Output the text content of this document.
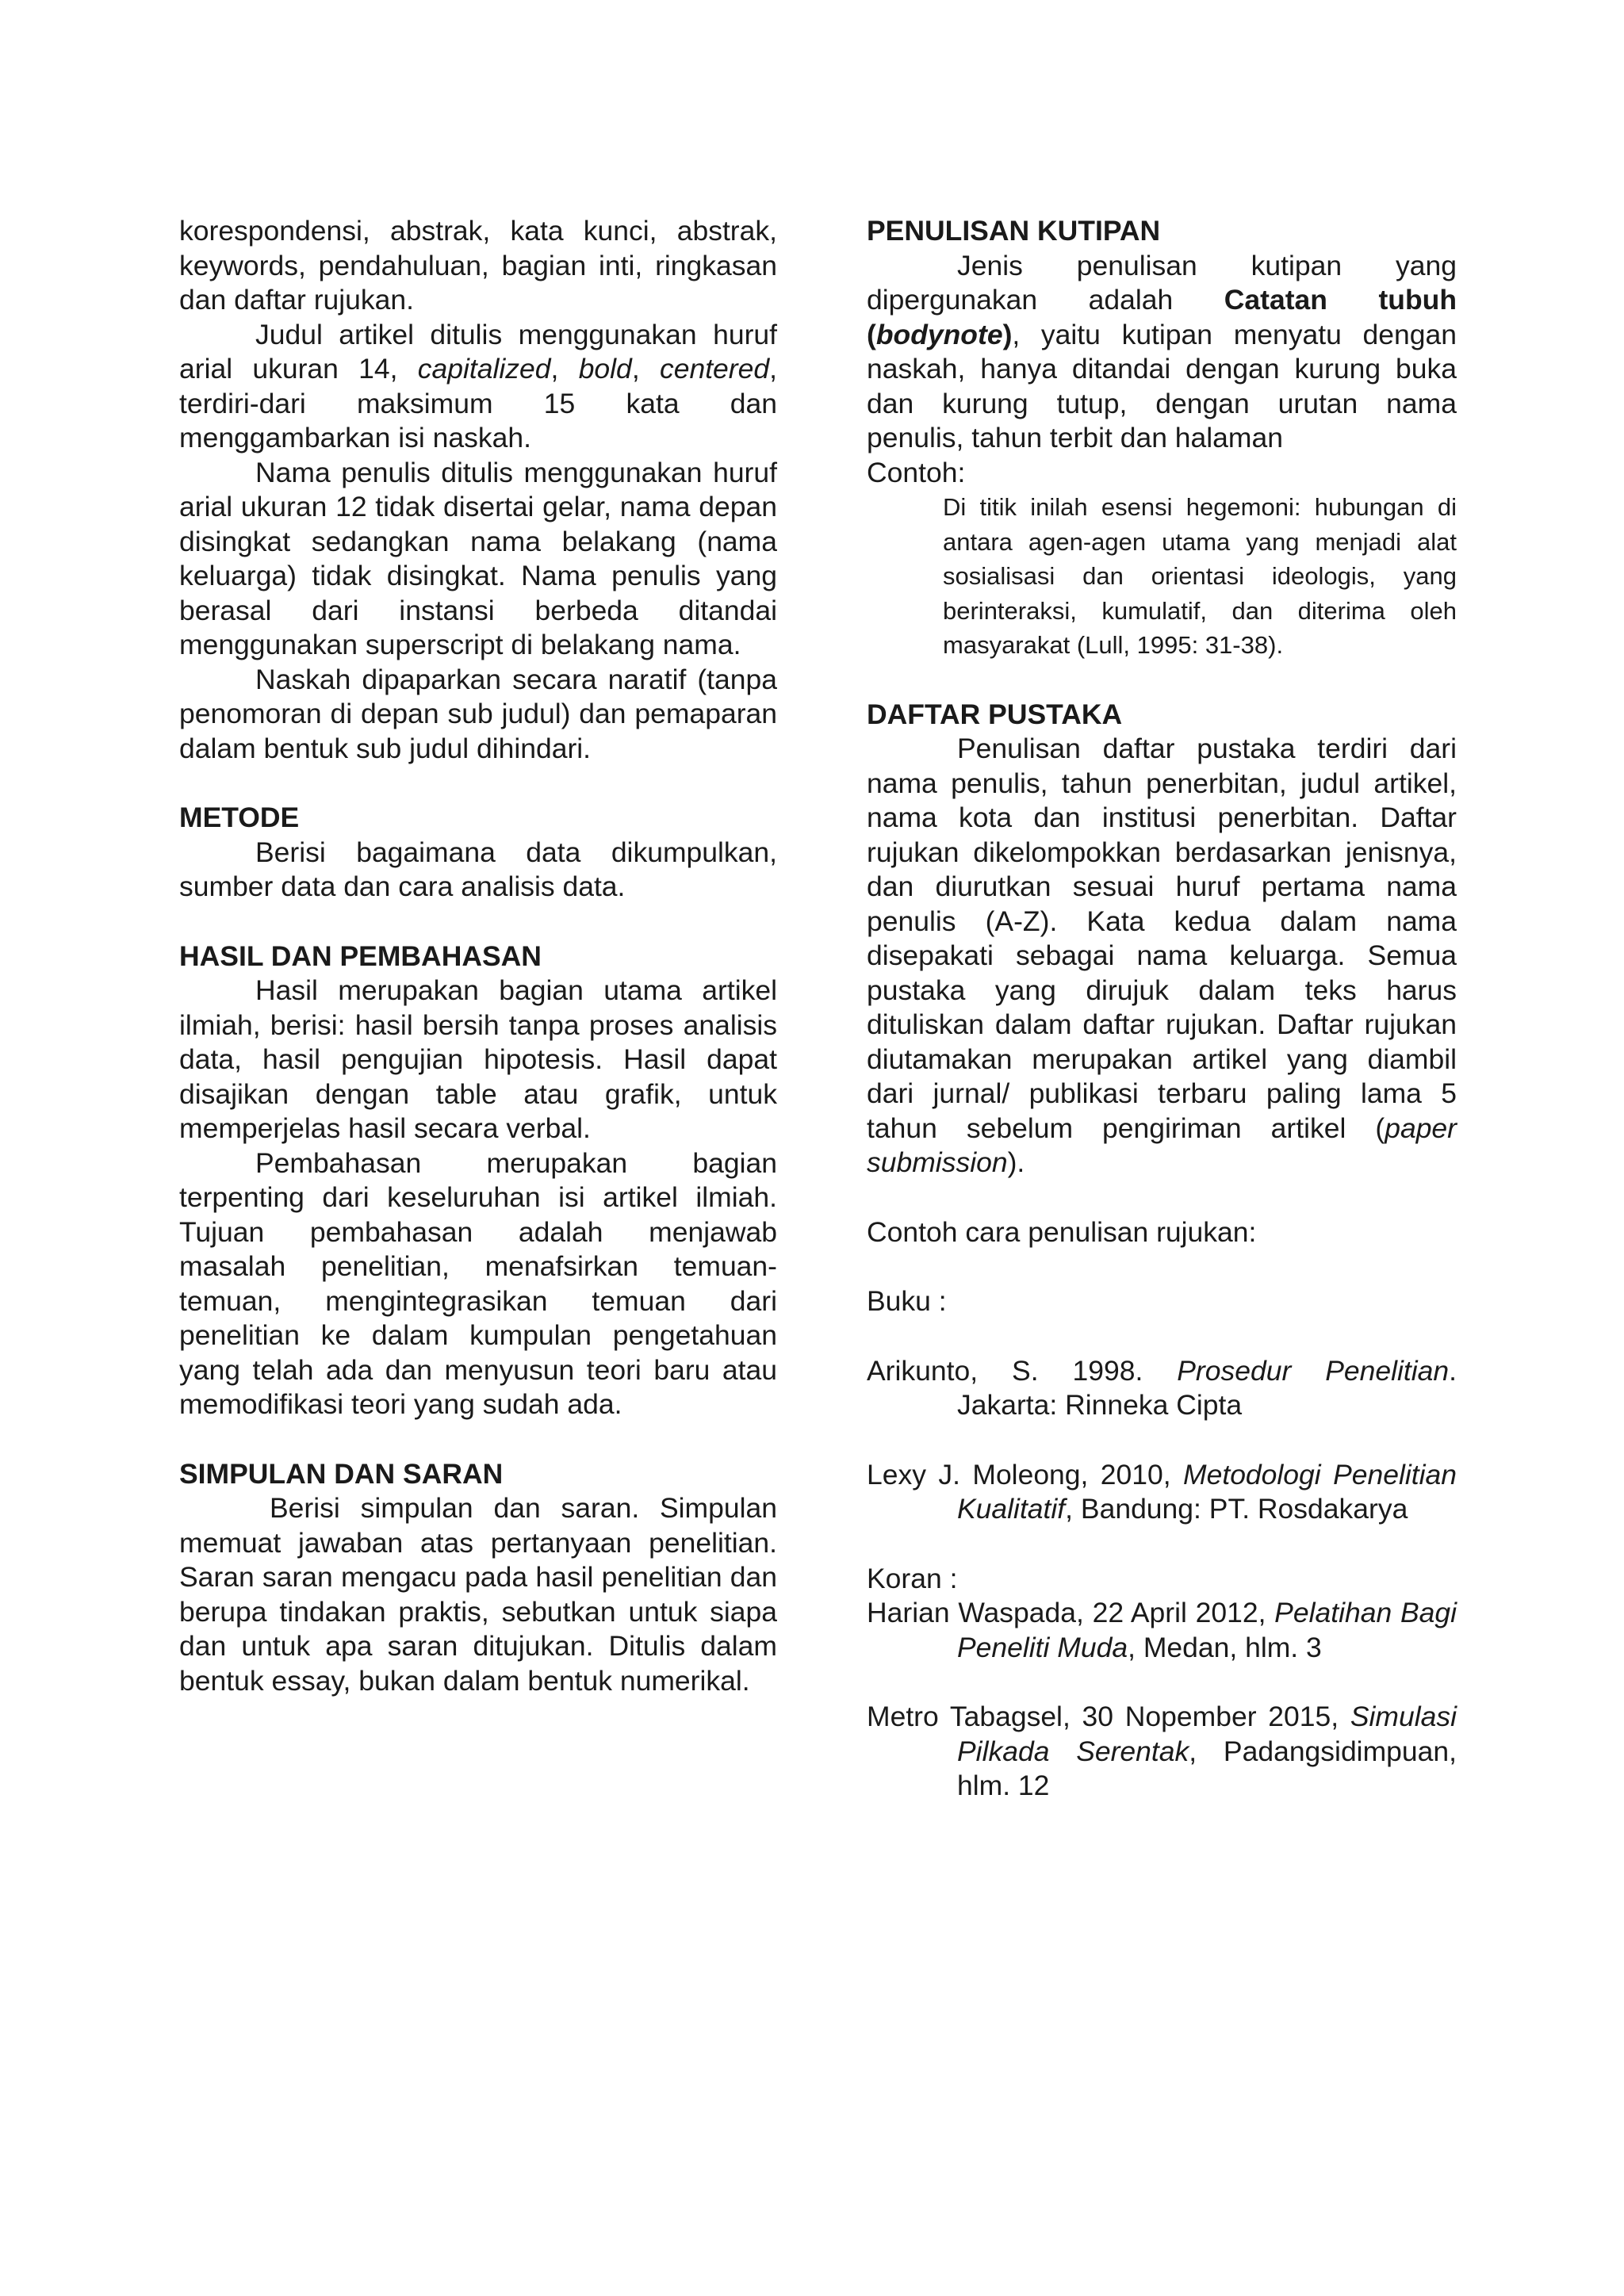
korespondensi, abstrak, kata kunci, abstrak, keywords, pendahuluan, bagian inti, ringkasan dan daftar rujukan.

Judul artikel ditulis menggunakan huruf arial ukuran 14, capitalized, bold, centered, terdiri-dari maksimum 15 kata dan menggambarkan isi naskah.

Nama penulis ditulis menggunakan huruf arial ukuran 12 tidak disertai gelar, nama depan disingkat sedangkan nama belakang (nama keluarga) tidak disingkat. Nama penulis yang berasal dari instansi berbeda ditandai menggunakan superscript di belakang nama.

Naskah dipaparkan secara naratif (tanpa penomoran di depan sub judul) dan pemaparan dalam bentuk sub judul dihindari.

METODE

Berisi bagaimana data dikumpulkan, sumber data dan cara analisis data.

HASIL DAN PEMBAHASAN

Hasil merupakan bagian utama artikel ilmiah, berisi: hasil bersih tanpa proses analisis data, hasil pengujian hipotesis. Hasil dapat disajikan dengan table atau grafik, untuk memperjelas hasil secara verbal.

Pembahasan merupakan bagian terpenting dari keseluruhan isi artikel ilmiah. Tujuan pembahasan adalah menjawab masalah penelitian, menafsirkan temuan-temuan, mengintegrasikan temuan dari penelitian ke dalam kumpulan pengetahuan yang telah ada dan menyusun teori baru atau memodifikasi teori yang sudah ada.

SIMPULAN DAN SARAN

Berisi simpulan dan saran. Simpulan memuat jawaban atas pertanyaan penelitian. Saran saran mengacu pada hasil penelitian dan berupa tindakan praktis, sebutkan untuk siapa dan untuk apa saran ditujukan. Ditulis dalam bentuk essay, bukan dalam bentuk numerikal.

PENULISAN KUTIPAN

Jenis penulisan kutipan yang dipergunakan adalah Catatan tubuh (bodynote), yaitu kutipan menyatu dengan naskah, hanya ditandai dengan kurung buka dan kurung tutup, dengan urutan nama penulis, tahun terbit dan halaman

Contoh:

Di titik inilah esensi hegemoni: hubungan di antara agen-agen utama yang menjadi alat sosialisasi dan orientasi ideologis, yang berinteraksi, kumulatif, dan diterima oleh masyarakat (Lull, 1995: 31-38).

DAFTAR PUSTAKA

Penulisan daftar pustaka terdiri dari nama penulis, tahun penerbitan, judul artikel, nama kota dan institusi penerbitan. Daftar rujukan dikelompokkan berdasarkan jenisnya, dan diurutkan sesuai huruf pertama nama penulis (A-Z). Kata kedua dalam nama disepakati sebagai nama keluarga. Semua pustaka yang dirujuk dalam teks harus dituliskan dalam daftar rujukan. Daftar rujukan diutamakan merupakan artikel yang diambil dari jurnal/ publikasi terbaru paling lama 5 tahun sebelum pengiriman artikel (paper submission).

Contoh cara penulisan rujukan:

Buku :

Arikunto, S. 1998. Prosedur Penelitian. Jakarta: Rinneka Cipta

Lexy J. Moleong, 2010, Metodologi Penelitian Kualitatif, Bandung: PT. Rosdakarya

Koran :

Harian Waspada, 22 April 2012, Pelatihan Bagi Peneliti Muda, Medan, hlm. 3

Metro Tabagsel, 30 Nopember 2015, Simulasi Pilkada Serentak, Padangsidimpuan, hlm. 12
